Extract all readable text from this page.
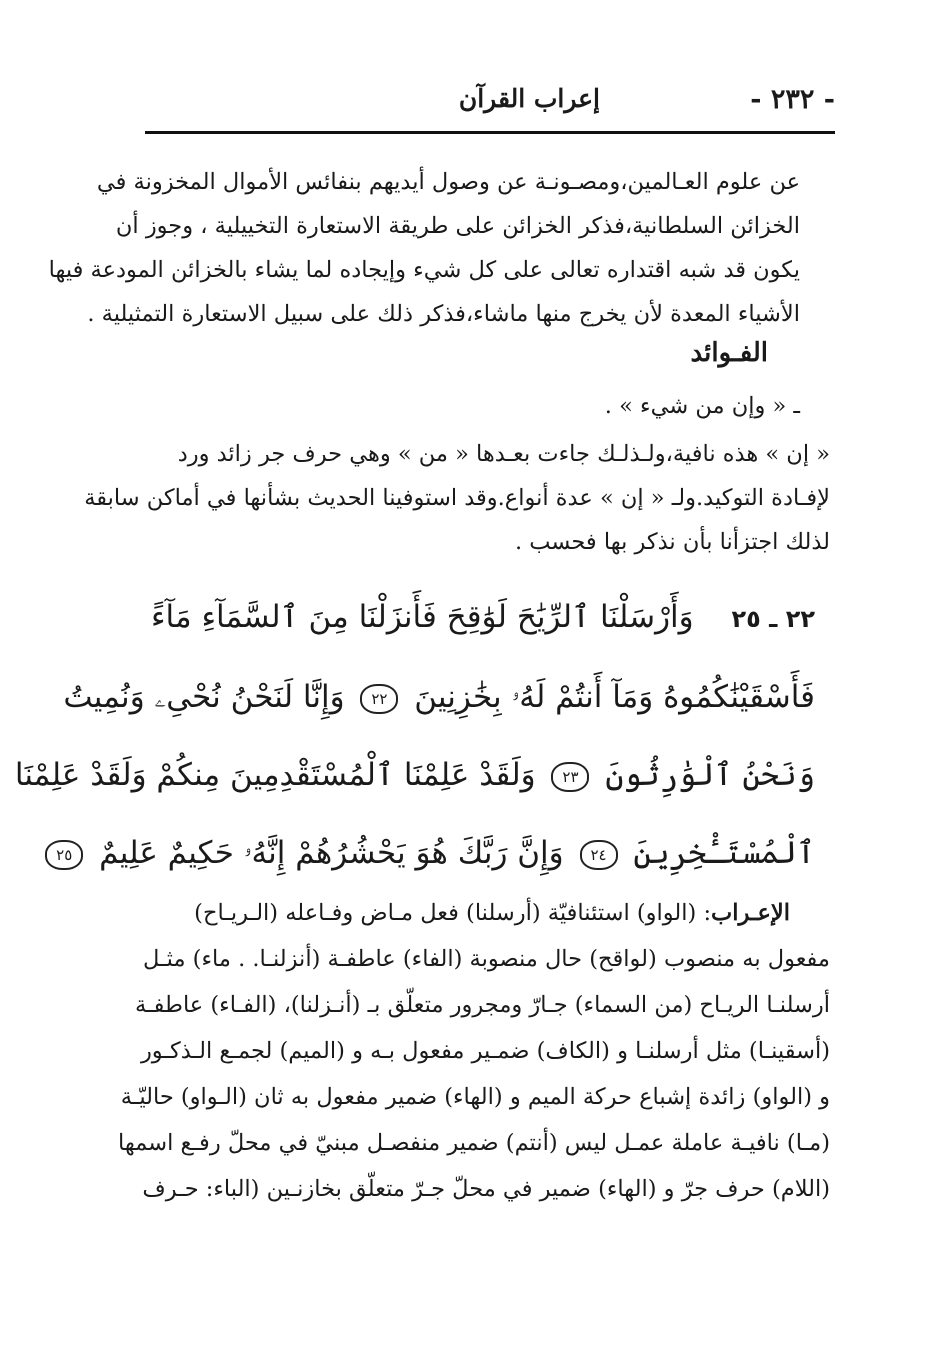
- ٢٣٢ -
إعراب القرآن
عن علوم العـالمين،ومصـونـة عن وصول أيديهم بنفائس الأموال المخزونة في
الخزائن السلطانية،فذكر الخزائن على طريقة الاستعارة التخييلية ، وجوز أن
يكون قد شبه اقتداره تعالى على كل شيء وإيجاده لما يشاء بالخزائن المودعة فيها
الأشياء المعدة لأن يخرج منها ماشاء،فذكر ذلك على سبيل الاستعارة التمثيلية .
الفـوائد
ـ « وإن من شيء » .
« إن » هذه نافية،ولـذلـك جاءت بعـدها « من » وهي حرف جر زائد ورد
لإفـادة التوكيد.ولـ « إن » عدة أنواع.وقد استوفينا الحديث بشأنها في أماكن سابقة
لذلك اجتزأنا بأن نذكر بها فحسب .
٢٢ ـ ٢٥ وَأَرْسَلْنَا ٱلرِّيَٰحَ لَوَٰقِحَ فَأَنزَلْنَا مِنَ ٱلسَّمَآءِ مَآءً
فَأَسْقَيْنَٰكُمُوهُ وَمَآ أَنتُمْ لَهُۥ بِخَٰزِنِينَ ٢٢ وَإِنَّا لَنَحْنُ نُحْىِۦ وَنُمِيتُ
وَنَحْنُ ٱلْوَٰرِثُونَ ٢٣ وَلَقَدْ عَلِمْنَا ٱلْمُسْتَقْدِمِينَ مِنكُمْ وَلَقَدْ عَلِمْنَا
ٱلْمُسْتَـْٔخِرِينَ ٢٤ وَإِنَّ رَبَّكَ هُوَ يَحْشُرُهُمْ إِنَّهُۥ حَكِيمٌ عَلِيمٌ ٢٥
الإعـراب: (الواو) استئنافيّة (أرسلنا) فعل مـاض وفـاعله (الـريـاح)
مفعول به منصوب (لواقح) حال منصوبة (الفاء) عاطفـة (أنزلنـا. . ماء) مثـل
أرسلنـا الريـاح (من السماء) جـارّ ومجرور متعلّق بـ (أنـزلنا)، (الفـاء) عاطفـة
(أسقينـا) مثل أرسلنـا و (الكاف) ضمـير مفعول بـه و (الميم) لجمـع الـذكـور
و (الواو) زائدة إشباع حركة الميم و (الهاء) ضمير مفعول به ثان (الـواو) حاليّـة
(مـا) نافيـة عاملة عمـل ليس (أنتم) ضمير منفصـل مبنيّ في محلّ رفـع اسمها
(اللام) حرف جرّ و (الهاء) ضمير في محلّ جـرّ متعلّق بخازنـين (الباء: حـرف
